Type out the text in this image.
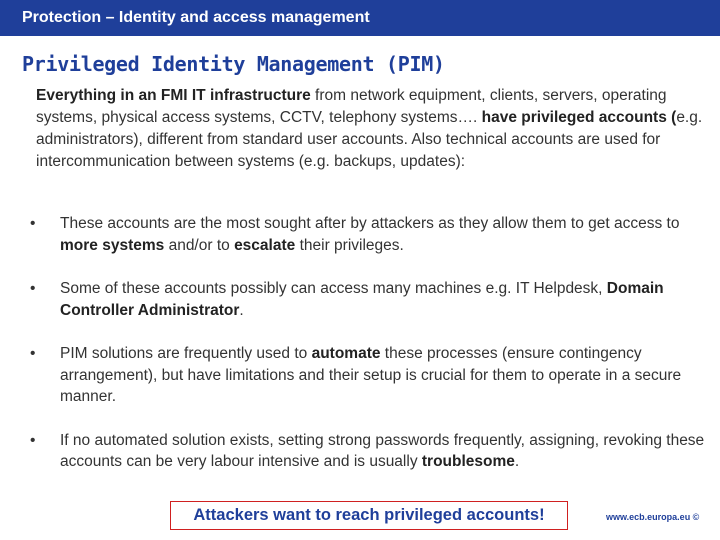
Protection – Identity and access management
Privileged Identity Management (PIM)
Everything in an FMI IT infrastructure from network equipment, clients, servers, operating systems, physical access systems, CCTV, telephony systems…. have privileged accounts (e.g. administrators), different from standard user accounts. Also technical accounts are used for intercommunication between systems (e.g. backups, updates):
• These accounts are the most sought after by attackers as they allow them to get access to more systems and/or to escalate their privileges.
• Some of these accounts possibly can access many machines e.g. IT Helpdesk, Domain Controller Administrator.
• PIM solutions are frequently used to automate these processes (ensure contingency arrangement), but have limitations and their setup is crucial for them to operate in a secure manner.
• If no automated solution exists, setting strong passwords frequently, assigning, revoking these accounts can be very labour intensive and is usually troublesome.
Attackers want to reach privileged accounts!	www.ecb.europa.eu ©
